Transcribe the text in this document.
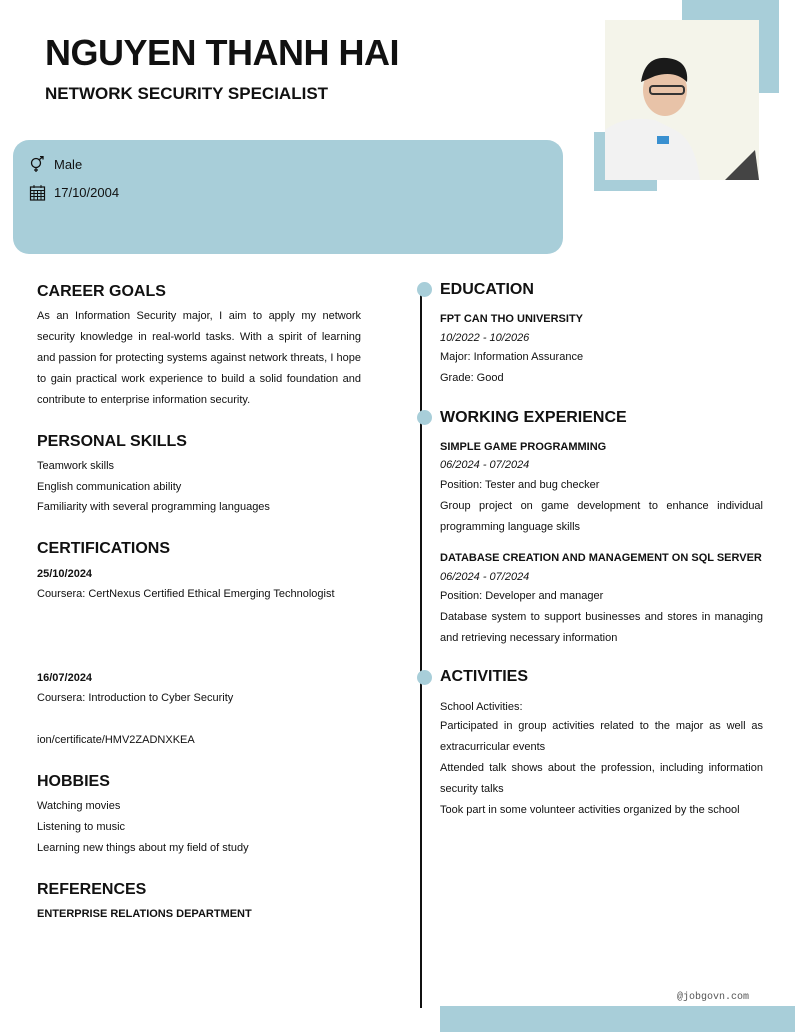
NGUYEN THANH HAI
NETWORK SECURITY SPECIALIST
Male
17/10/2004
CAREER GOALS
As an Information Security major, I aim to apply my network security knowledge in real-world tasks. With a spirit of learning and passion for protecting systems against network threats, I hope to gain practical work experience to build a solid foundation and contribute to enterprise information security.
PERSONAL SKILLS
Teamwork skills
English communication ability
Familiarity with several programming languages
CERTIFICATIONS
25/10/2024
Coursera: CertNexus Certified Ethical Emerging Technologist
16/07/2024
Coursera: Introduction to Cyber Security
ion/certificate/HMV2ZADNXKEA
HOBBIES
Watching movies
Listening to music
Learning new things about my field of study
REFERENCES
ENTERPRISE RELATIONS DEPARTMENT
EDUCATION
FPT CAN THO UNIVERSITY
10/2022 - 10/2026
Major: Information Assurance
Grade: Good
WORKING EXPERIENCE
SIMPLE GAME PROGRAMMING
06/2024 - 07/2024
Position: Tester and bug checker
Group project on game development to enhance individual programming language skills
DATABASE CREATION AND MANAGEMENT ON SQL SERVER
06/2024 - 07/2024
Position: Developer and manager
Database system to support businesses and stores in managing and retrieving necessary information
ACTIVITIES
School Activities:
Participated in group activities related to the major as well as extracurricular events
Attended talk shows about the profession, including information security talks
Took part in some volunteer activities organized by the school
@jobgovn.com
